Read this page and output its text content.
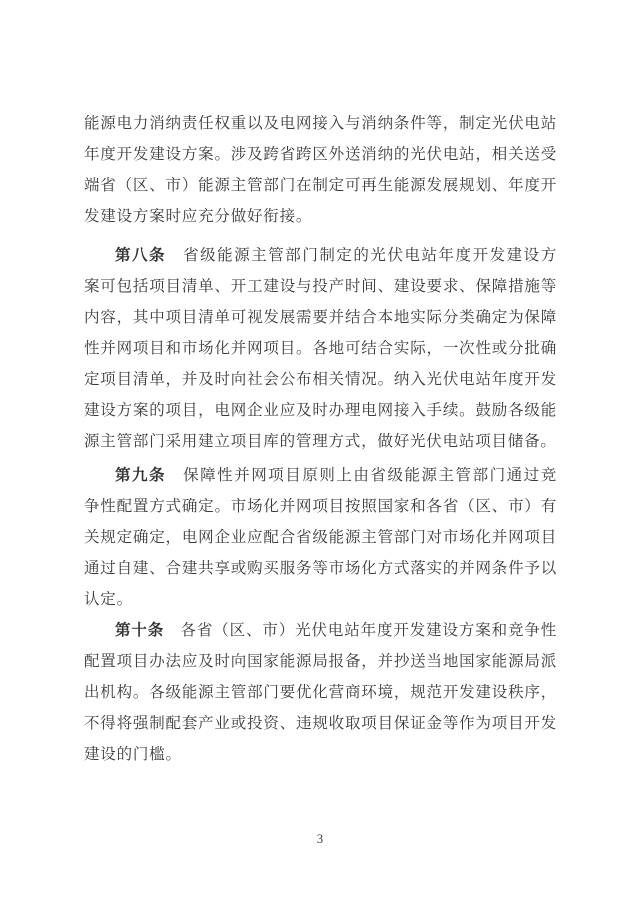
能源电力消纳责任权重以及电网接入与消纳条件等，制定光伏电站
年度开发建设方案。涉及跨省跨区外送消纳的光伏电站，相关送受
端省（区、市）能源主管部门在制定可再生能源发展规划、年度开
发建设方案时应充分做好衔接。
第八条　省级能源主管部门制定的光伏电站年度开发建设方
案可包括项目清单、开工建设与投产时间、建设要求、保障措施等
内容，其中项目清单可视发展需要并结合本地实际分类确定为保障
性并网项目和市场化并网项目。各地可结合实际，一次性或分批确
定项目清单，并及时向社会公布相关情况。纳入光伏电站年度开发
建设方案的项目，电网企业应及时办理电网接入手续。鼓励各级能
源主管部门采用建立项目库的管理方式，做好光伏电站项目储备。
第九条　保障性并网项目原则上由省级能源主管部门通过竞
争性配置方式确定。市场化并网项目按照国家和各省（区、市）有
关规定确定，电网企业应配合省级能源主管部门对市场化并网项目
通过自建、合建共享或购买服务等市场化方式落实的并网条件予以
认定。
第十条　各省（区、市）光伏电站年度开发建设方案和竞争性
配置项目办法应及时向国家能源局报备，并抄送当地国家能源局派
出机构。各级能源主管部门要优化营商环境，规范开发建设秩序，
不得将强制配套产业或投资、违规收取项目保证金等作为项目开发
建设的门槛。
3
